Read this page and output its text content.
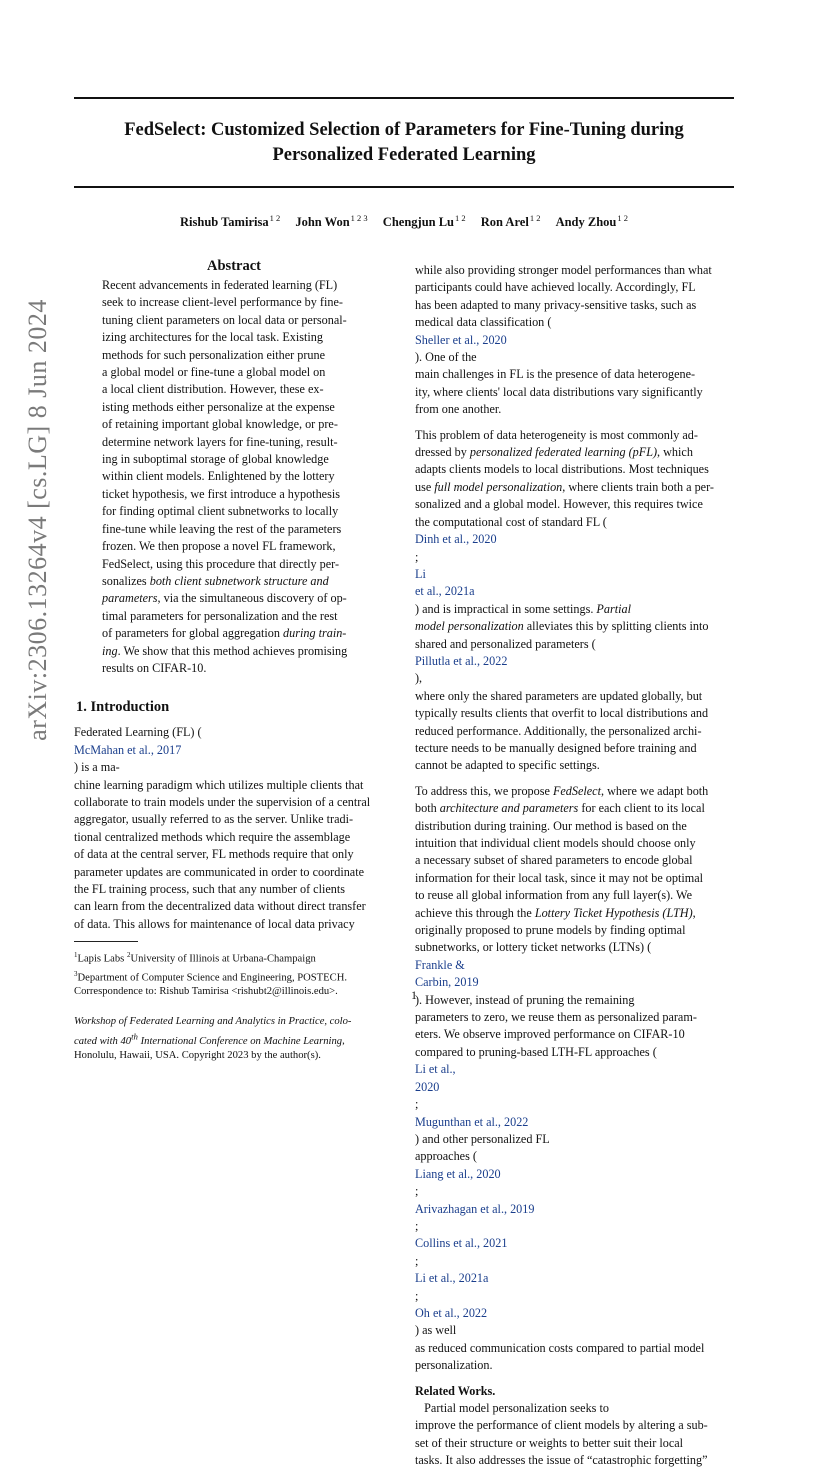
arXiv:2306.13264v4 [cs.LG] 8 Jun 2024
FedSelect: Customized Selection of Parameters for Fine-Tuning during
Personalized Federated Learning
Rishub Tamirisa$^{1 2}$ John Won$^{1 2 3}$ Chengjun $Lu^{1 2}$ Ron Arel$^{1 2}$ Andy Zhou$^{1 2}$
Abstract
Recent advancements in federated learning (FL)
seek to increase client-level performance by fine-
tuning client parameters on local data or personal-
izing architectures for the local task. Existing
methods for such personalization either prune
a global model or fine-tune a global model on
a local client distribution. However, these ex-
isting methods either personalize at the expense
of retaining important global knowledge, or pre-
determine network layers for fine-tuning, result-
ing in suboptimal storage of global knowledge
within client models. Enlightened by the lottery
ticket hypothesis, we first introduce a hypothesis
for finding optimal client subnetworks to locally
fine-tune while leaving the rest of the parameters
frozen. We then propose a novel FL framework,
FedSelect, using this procedure that directly per-
sonalizes both client subnetwork structure and
parameters, via the simultaneous discovery of op-
timal parameters for personalization and the rest
of parameters for global aggregation during train-
ing. We show that this method achieves promising
results on CIFAR-10.
1. Introduction
Federated Learning (FL) (
McMahan et al., 2017
) is a ma-
chine learning paradigm which utilizes multiple clients that
collaborate to train models under the supervision of a central
aggregator, usually referred to as the server. Unlike tradi-
tional centralized methods which require the assemblage
of data at the central server, FL methods require that only
parameter updates are communicated in order to coordinate
the FL training process, such that any number of clients
can learn from the decentralized data without direct transfer
of data. This allows for maintenance of local data privacy
$^1$Lapis Labs $^2$University of Illinois at Urbana-Champaign
$^3$Department of Computer Science and Engineering, POSTECH.
Correspondence to: Rishub Tamirisa <rishubt2@illinois.edu>.
Workshop of Federated Learning and Analytics in Practice, colo-
cated with 40th International Conference on Machine Learning,
Honolulu, Hawaii, USA. Copyright 2023 by the author(s).
while also providing stronger model performances than what
participants could have achieved locally. Accordingly, FL
has been adapted to many privacy-sensitive tasks, such as
medical data classification (
Sheller et al., 2020
). One of the
main challenges in FL is the presence of data heterogene-
ity, where clients' local data distributions vary significantly
from one another.
This problem of data heterogeneity is most commonly ad-
dressed by personalized federated learning (pFL), which
adapts clients models to local distributions. Most techniques
use full model personalization, where clients train both a per-
sonalized and a global model. However, this requires twice
the computational cost of standard FL (
Dinh et al., 2020
;
Li
et al., 2021a
) and is impractical in some settings. Partial
model personalization alleviates this by splitting clients into
shared and personalized parameters (
Pillutla et al., 2022
),
where only the shared parameters are updated globally, but
typically results clients that overfit to local distributions and
reduced performance. Additionally, the personalized archi-
tecture needs to be manually designed before training and
cannot be adapted to specific settings.
To address this, we propose FedSelect, where we adapt both
both architecture and parameters for each client to its local
distribution during training. Our method is based on the
intuition that individual client models should choose only
a necessary subset of shared parameters to encode global
information for their local task, since it may not be optimal
to reuse all global information from any full layer(s). We
achieve this through the Lottery Ticket Hypothesis (LTH),
originally proposed to prune models by finding optimal
subnetworks, or lottery ticket networks (LTNs) (
Frankle &
Carbin, 2019
). However, instead of pruning the remaining
parameters to zero, we reuse them as personalized param-
eters. We observe improved performance on CIFAR-10
compared to pruning-based LTH-FL approaches (
Li et al.,
2020
;
Mugunthan et al., 2022
) and other personalized FL
approaches (
Liang et al., 2020
;
Arivazhagan et al., 2019
;
Collins et al., 2021
;
Li et al., 2021a
;
Oh et al., 2022
) as well
as reduced communication costs compared to partial model
personalization.
Related Works.
Partial model personalization seeks to
improve the performance of client models by altering a sub-
set of their structure or weights to better suit their local
tasks. It also addresses the issue of “catastrophic forgetting”
1
